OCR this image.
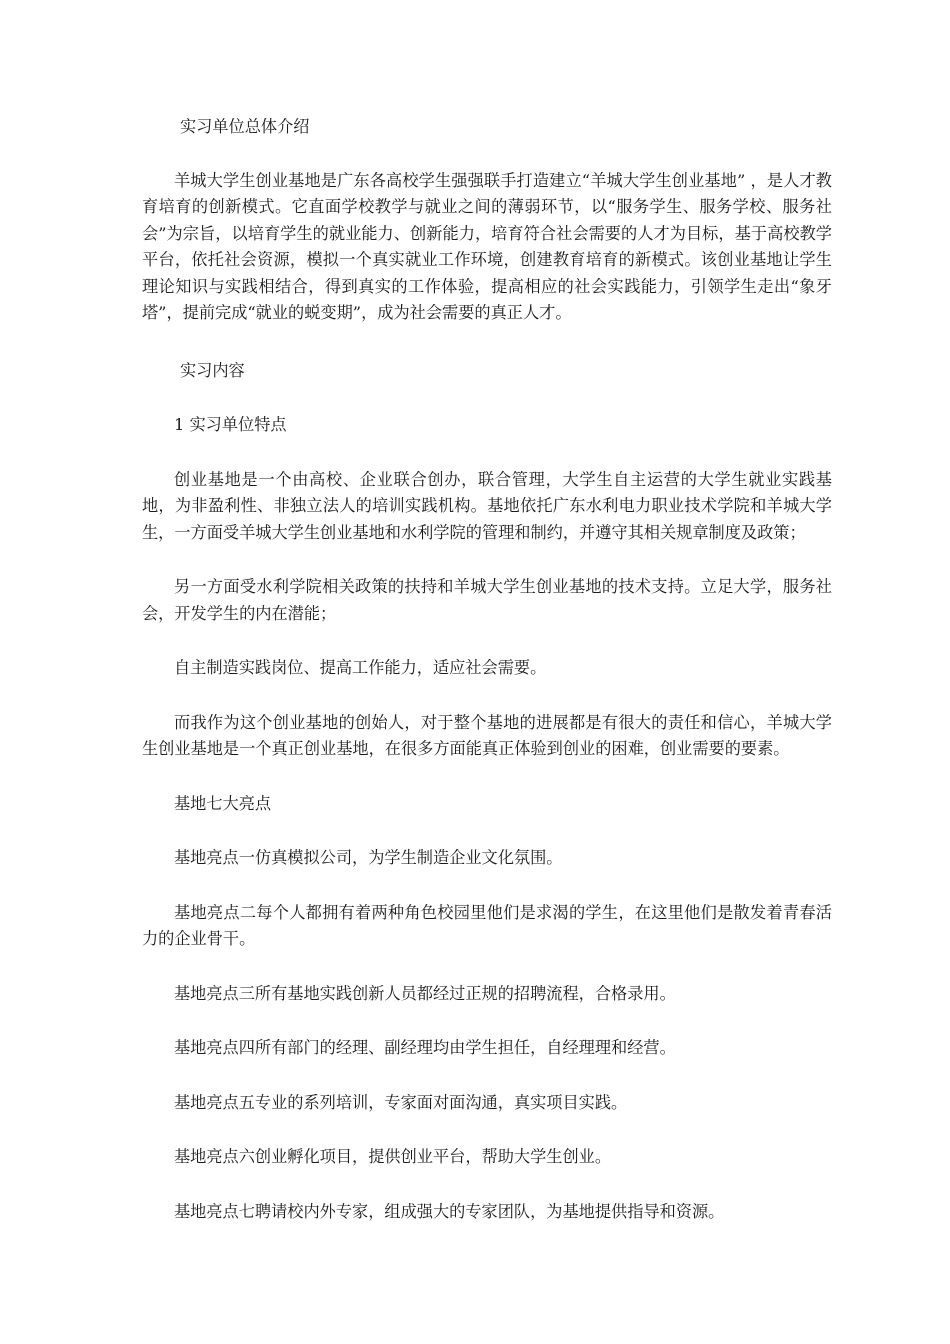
实习单位总体介绍

羊城大学生创业基地是广东各高校学生强强联手打造建立“羊城大学生创业基地” ，是人才教育培育的创新模式。它直面学校教学与就业之间的薄弱环节，以“服务学生、服务学校、服务社会”为宗旨，以培育学生的就业能力、创新能力，培育符合社会需要的人才为目标，基于高校教学平台，依托社会资源，模拟一个真实就业工作环境，创建教育培育的新模式。该创业基地让学生理论知识与实践相结合，得到真实的工作体验，提高相应的社会实践能力，引领学生走出“象牙塔”，提前完成“就业的蜕变期”，成为社会需要的真正人才。

实习内容

1 实习单位特点

创业基地是一个由高校、企业联合创办，联合管理，大学生自主运营的大学生就业实践基地，为非盈利性、非独立法人的培训实践机构。基地依托广东水利电力职业技术学院和羊城大学生，一方面受羊城大学生创业基地和水利学院的管理和制约，并遵守其相关规章制度及政策；

另一方面受水利学院相关政策的扶持和羊城大学生创业基地的技术支持。立足大学，服务社会，开发学生的内在潜能；

自主制造实践岗位、提高工作能力，适应社会需要。

而我作为这个创业基地的创始人，对于整个基地的进展都是有很大的责任和信心，羊城大学生创业基地是一个真正创业基地，在很多方面能真正体验到创业的困难，创业需要的要素。

基地七大亮点

基地亮点一仿真模拟公司，为学生制造企业文化氛围。

基地亮点二每个人都拥有着两种角色校园里他们是求渴的学生，在这里他们是散发着青春活力的企业骨干。

基地亮点三所有基地实践创新人员都经过正规的招聘流程，合格录用。

基地亮点四所有部门的经理、副经理均由学生担任，自经理理和经营。

基地亮点五专业的系列培训，专家面对面沟通，真实项目实践。

基地亮点六创业孵化项目，提供创业平台，帮助大学生创业。

基地亮点七聘请校内外专家，组成强大的专家团队，为基地提供指导和资源。
